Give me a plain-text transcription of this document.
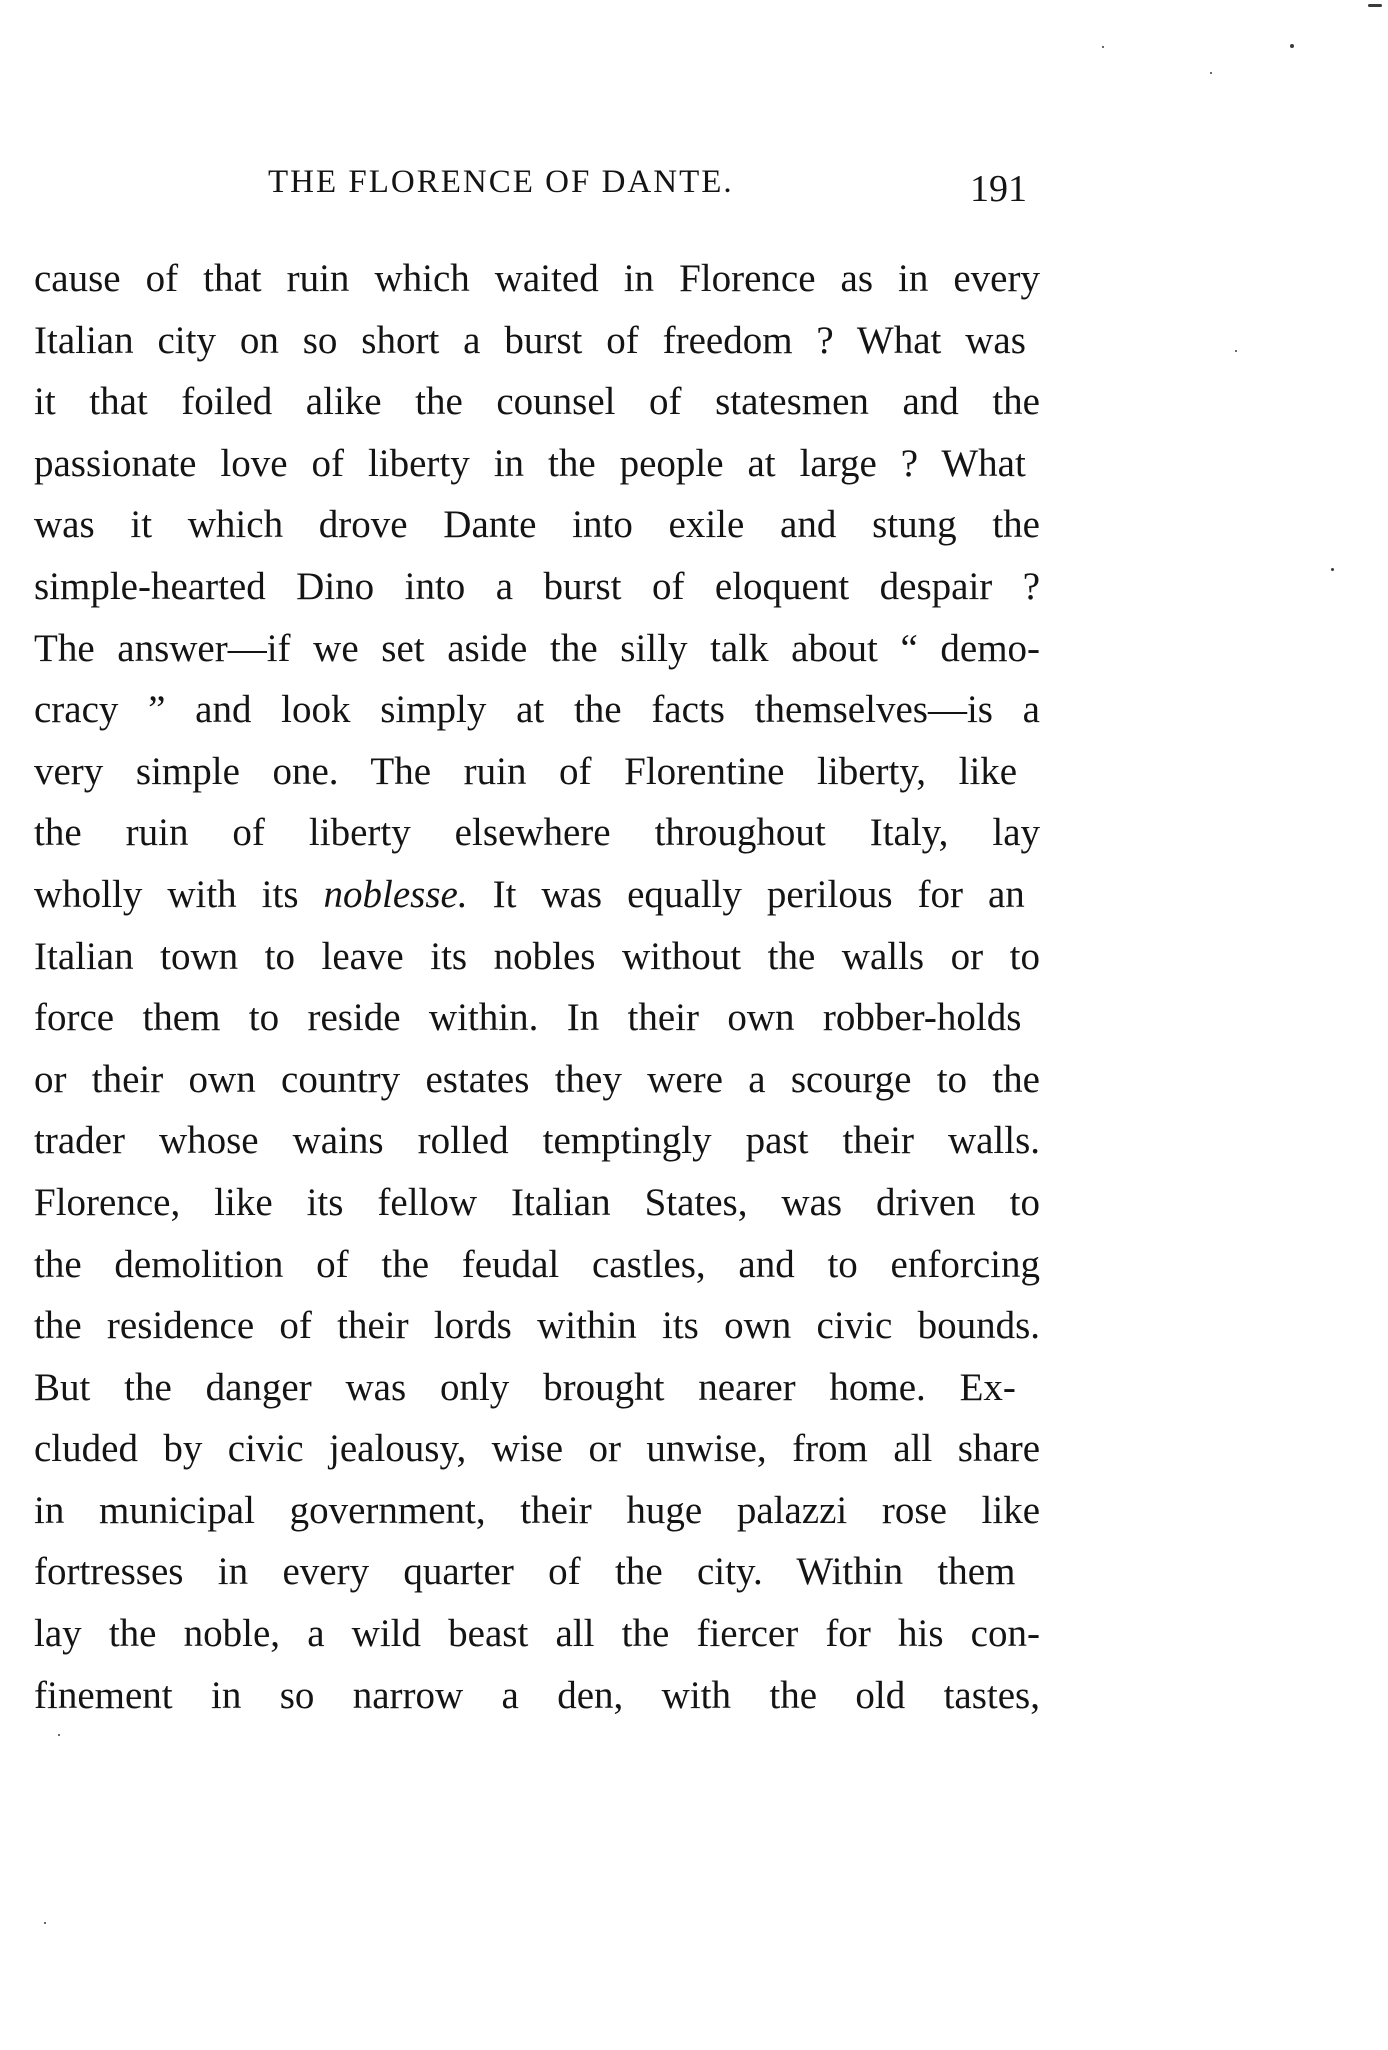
THE FLORENCE OF DANTE.	191
cause of that ruin which waited in Florence as in every
Italian city on so short a burst of freedom ? What was
it that foiled alike the counsel of statesmen and the
passionate love of liberty in the people at large ? What
was it which drove Dante into exile and stung the
simple-hearted Dino into a burst of eloquent despair ?
The answer—if we set aside the silly talk about “ demo-
cracy ” and look simply at the facts themselves—is a
very simple one. The ruin of Florentine liberty, like
the ruin of liberty elsewhere throughout Italy, lay
wholly with its noblesse. It was equally perilous for an
Italian town to leave its nobles without the walls or to
force them to reside within. In their own robber-holds
or their own country estates they were a scourge to the
trader whose wains rolled temptingly past their walls.
Florence, like its fellow Italian States, was driven to
the demolition of the feudal castles, and to enforcing
the residence of their lords within its own civic bounds.
But the danger was only brought nearer home. Ex-
cluded by civic jealousy, wise or unwise, from all share
in municipal government, their huge palazzi rose like
fortresses in every quarter of the city. Within them
lay the noble, a wild beast all the fiercer for his con-
finement in so narrow a den, with the old tastes,
